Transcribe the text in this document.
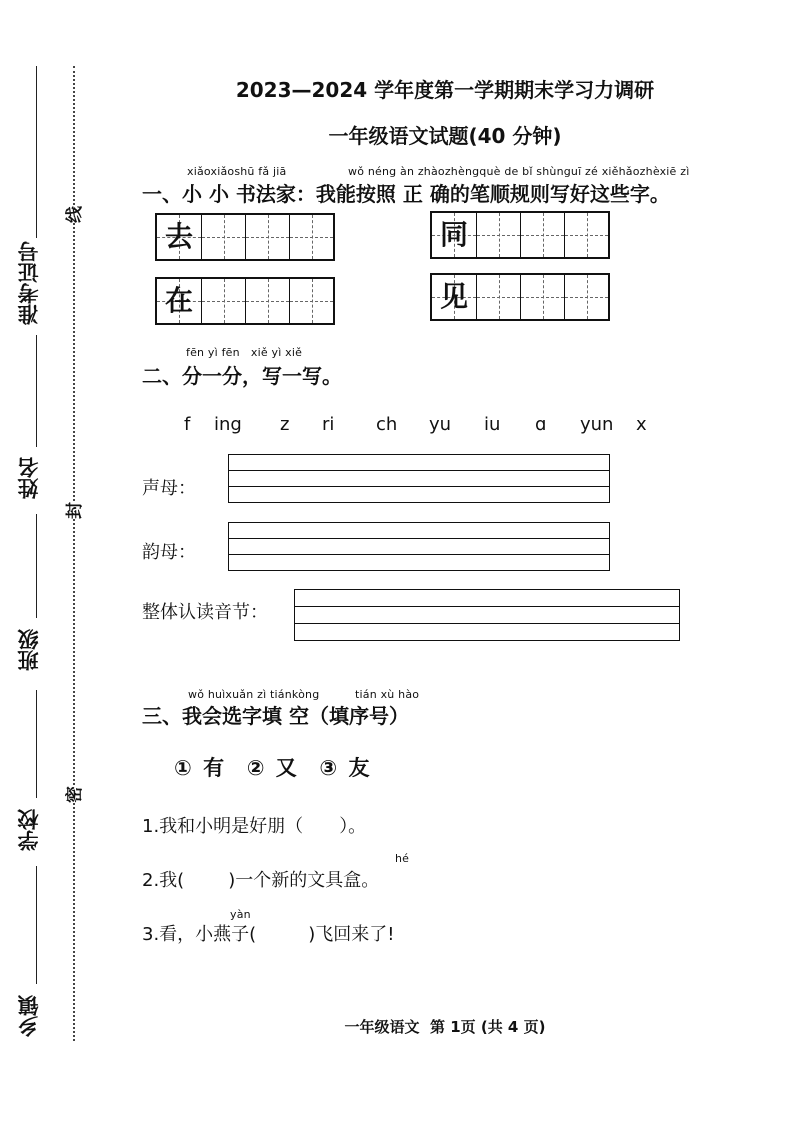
准考证号
姓名
班级
学校
乡镇
线
封
密
2023—2024 学年度第一学期期末学习力调研
一年级语文试题(40 分钟)
xiǎoxiǎoshū fǎ jiā	wǒ néng àn zhàozhèngquè de bǐ shùnguī zé xiěhǎozhèxiē zì
一、小 小 书法家：我能按照 正 确的笔顺规则写好这些字。
去	同
在	见
fēn yì fēn   xiě yì xiě
二、分一分，写一写。
f ing z ri ch yu iu ɑ yun x
声母：
韵母：
整体认读音节：
wǒ huìxuǎn zì tiánkòng	tián xù hào
三、我会选字填 空（填序号）
① 有  ② 又  ③ 友
1.我和小明是好朋（ ）。
hé
2.我( )一个新的文具盒。
yàn
3.看，小燕子(	)飞回来了!
一年级语文  第 1页 (共 4 页)
